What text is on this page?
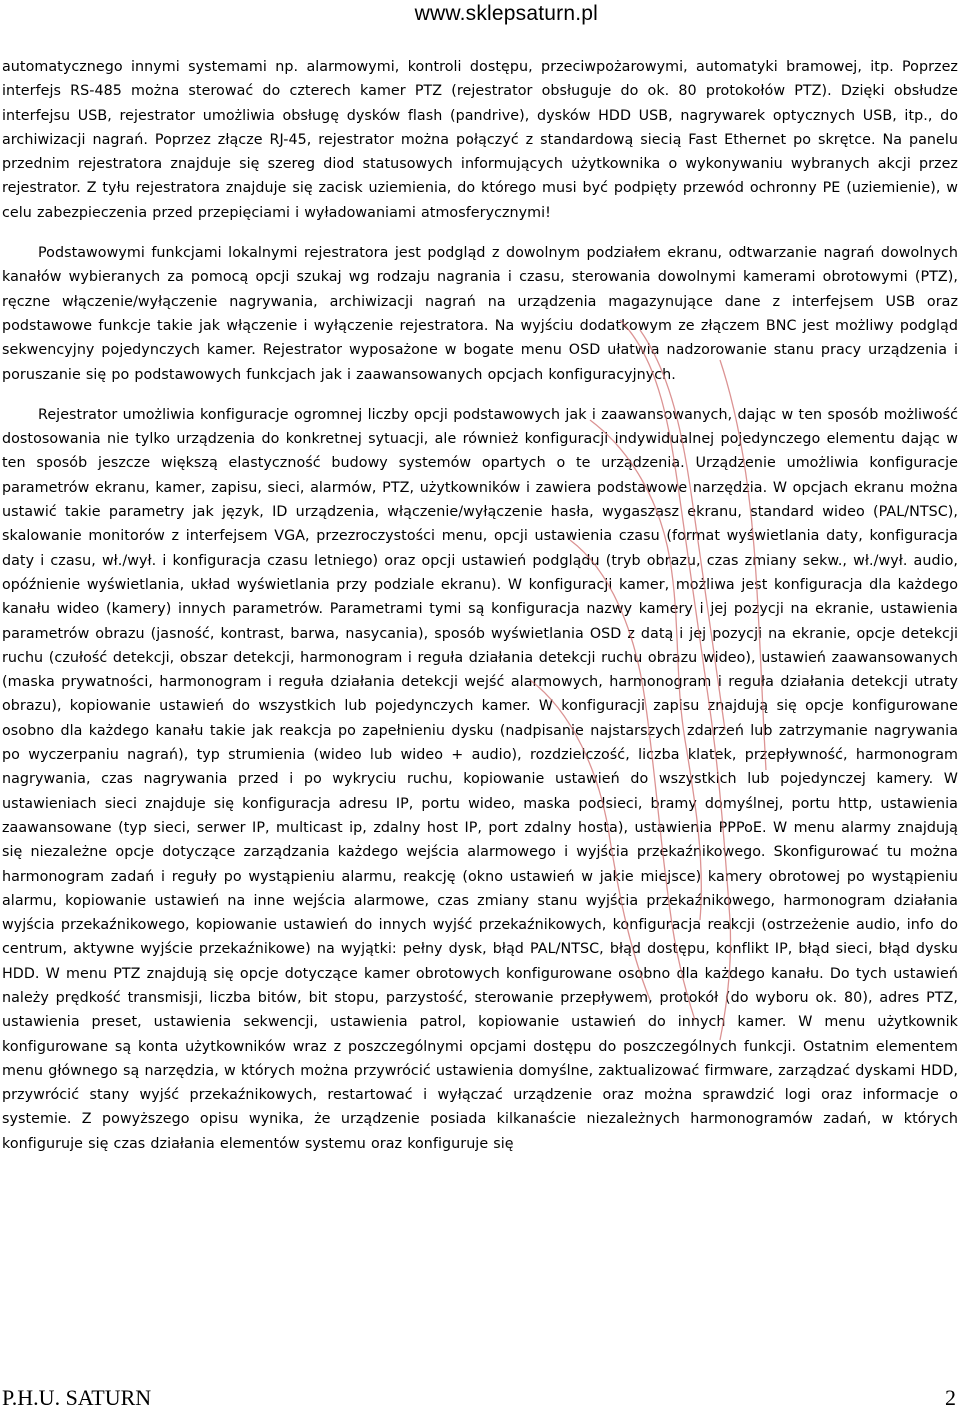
www.sklepsaturn.pl

automatycznego innymi systemami np. alarmowymi, kontroli dostępu, przeciwpożarowymi, automatyki bramowej, itp. Poprzez interfejs RS-485 można sterować do czterech kamer PTZ (rejestrator obsługuje do ok. 80 protokołów PTZ). Dzięki obsłudze interfejsu USB, rejestrator umożliwia obsługę dysków flash (pandrive), dysków HDD USB, nagrywarek optycznych USB, itp., do archiwizacji nagrań. Poprzez złącze RJ-45, rejestrator można połączyć z standardową siecią Fast Ethernet po skrętce. Na panelu przednim rejestratora znajduje się szereg diod statusowych informujących użytkownika o wykonywaniu wybranych akcji przez rejestrator. Z tyłu rejestratora znajduje się zacisk uziemienia, do którego musi być podpięty przewód ochronny PE (uziemienie), w celu zabezpieczenia przed przepięciami i wyładowaniami atmosferycznymi!

Podstawowymi funkcjami lokalnymi rejestratora jest podgląd z dowolnym podziałem ekranu, odtwarzanie nagrań dowolnych kanałów wybieranych za pomocą opcji szukaj wg rodzaju nagrania i czasu, sterowania dowolnymi kamerami obrotowymi (PTZ), ręczne włączenie/wyłączenie nagrywania, archiwizacji nagrań na urządzenia magazynujące dane z interfejsem USB oraz podstawowe funkcje takie jak włączenie i wyłączenie rejestratora. Na wyjściu dodatkowym ze złączem BNC jest możliwy podgląd sekwencyjny pojedynczych kamer. Rejestrator wyposażone w bogate menu OSD ułatwia nadzorowanie stanu pracy urządzenia i poruszanie się po podstawowych funkcjach jak i zaawansowanych opcjach konfiguracyjnych.

Rejestrator umożliwia konfiguracje ogromnej liczby opcji podstawowych jak i zaawansowanych, dając w ten sposób możliwość dostosowania nie tylko urządzenia do konkretnej sytuacji, ale również konfiguracji indywidualnej pojedynczego elementu dając w ten sposób jeszcze większą elastyczność budowy systemów opartych o te urządzenia. Urządzenie umożliwia konfiguracje parametrów ekranu, kamer, zapisu, sieci, alarmów, PTZ, użytkowników i zawiera podstawowe narzędzia. W opcjach ekranu można ustawić takie parametry jak język, ID urządzenia, włączenie/wyłączenie hasła, wygaszasz ekranu, standard wideo (PAL/NTSC), skalowanie monitorów z interfejsem VGA, przezroczystości menu, opcji ustawienia czasu (format wyświetlania daty, konfiguracja daty i czasu, wł./wył. i konfiguracja czasu letniego) oraz opcji ustawień podglądu (tryb obrazu, czas zmiany sekw., wł./wył. audio, opóźnienie wyświetlania, układ wyświetlania przy podziale ekranu). W konfiguracji kamer, możliwa jest konfiguracja dla każdego kanału wideo (kamery) innych parametrów. Parametrami tymi są konfiguracja nazwy kamery i jej pozycji na ekranie, ustawienia parametrów obrazu (jasność, kontrast, barwa, nasycania), sposób wyświetlania OSD z datą i jej pozycji na ekranie, opcje detekcji ruchu (czułość detekcji, obszar detekcji, harmonogram i reguła działania detekcji ruchu obrazu wideo), ustawień zaawansowanych (maska prywatności, harmonogram i reguła działania detekcji wejść alarmowych, harmonogram i reguła działania detekcji utraty obrazu), kopiowanie ustawień do wszystkich lub pojedynczych kamer. W konfiguracji zapisu znajdują się opcje konfigurowane osobno dla każdego kanału takie jak reakcja po zapełnieniu dysku (nadpisanie najstarszych zdarzeń lub zatrzymanie nagrywania po wyczerpaniu nagrań), typ strumienia (wideo lub wideo + audio), rozdzielczość, liczba klatek, przepływność, harmonogram nagrywania, czas nagrywania przed i po wykryciu ruchu, kopiowanie ustawień do wszystkich lub pojedynczej kamery. W ustawieniach sieci znajduje się konfiguracja adresu IP, portu wideo, maska podsieci, bramy domyślnej, portu http, ustawienia zaawansowane (typ sieci, serwer IP, multicast ip, zdalny host IP, port zdalny hosta), ustawienia PPPoE. W menu alarmy znajdują się niezależne opcje dotyczące zarządzania każdego wejścia alarmowego i wyjścia przekaźnikowego. Skonfigurować tu można harmonogram zadań i reguły po wystąpieniu alarmu, reakcję (okno ustawień w jakie miejsce) kamery obrotowej po wystąpieniu alarmu, kopiowanie ustawień na inne wejścia alarmowe, czas zmiany stanu wyjścia przekaźnikowego, harmonogram działania wyjścia przekaźnikowego, kopiowanie ustawień do innych wyjść przekaźnikowych, konfiguracja reakcji (ostrzeżenie audio, info do centrum, aktywne wyjście przekaźnikowe) na wyjątki: pełny dysk, błąd PAL/NTSC, błąd dostępu, konflikt IP, błąd sieci, błąd dysku HDD. W menu PTZ znajdują się opcje dotyczące kamer obrotowych konfigurowane osobno dla każdego kanału. Do tych ustawień należy prędkość transmisji, liczba bitów, bit stopu, parzystość, sterowanie przepływem, protokół (do wyboru ok. 80), adres PTZ, ustawienia preset, ustawienia sekwencji, ustawienia patrol, kopiowanie ustawień do innych kamer. W menu użytkownik konfigurowane są konta użytkowników wraz z poszczególnymi opcjami dostępu do poszczególnych funkcji. Ostatnim elementem menu głównego są narzędzia, w których można przywrócić ustawienia domyślne, zaktualizować firmware, zarządzać dyskami HDD, przywrócić stany wyjść przekaźnikowych, restartować i wyłączać urządzenie oraz można sprawdzić logi oraz informacje o systemie. Z powyższego opisu wynika, że urządzenie posiada kilkanaście niezależnych harmonogramów zadań, w których konfiguruje się czas działania elementów systemu oraz konfiguruje się

P.H.U. SATURN	2
